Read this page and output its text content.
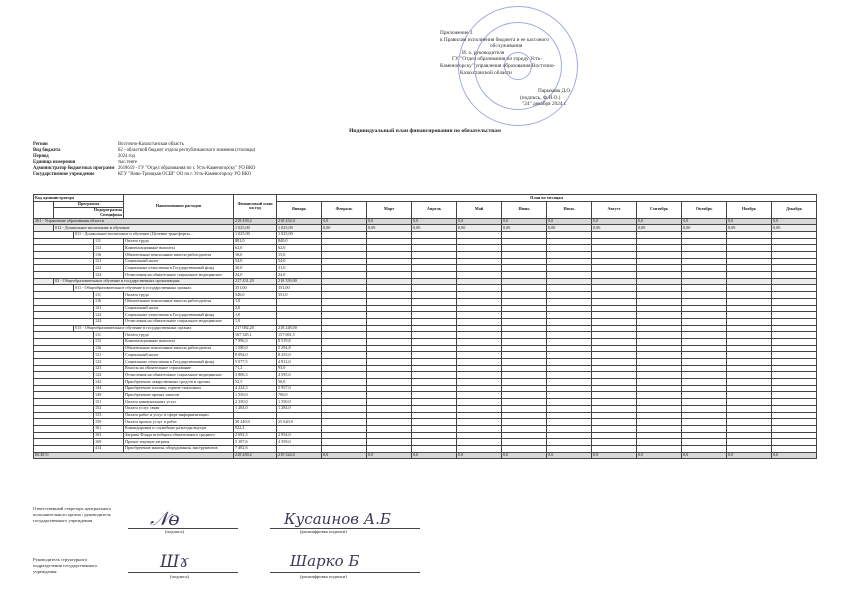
Приложение 3
к Правилам исполнения бюджета и ее кассового
обслуживания
И. о. руководителя
ГУ "Отдел образования по городу Усть-
Каменогорску" управления образования Восточно-
Казахстанской области
Парыкова Д.О.
(подпись, Ф.И.О.)
"24" декабря 2024 г.
Индивидуальный план финансирования по обязательствам
Регион	Восточно-Казахстанская область
Вид бюджета	02 - областной бюджет отдела республиканского значения (столицы)
Период	2024 год
Единица измерения	тыс.тенге
Администратор бюджетных программ 2618619 - ГУ "Отдел образования по г. Усть-Каменогорску" УО ВКО
Государственное учреждение	КГУ "Ново-Троицкая ОСШ" ОО по г. Усть-Каменогорску УО ВКО
Код администратора				Наименование расходов	Финансовый план на год	План по месяцам											
	Программа					Январь	Февраль	Март	Апрель	Май	Июнь	Июль	Август	Сентябрь	Октябрь	Ноябрь	Декабрь
	Подпрограмма
Специфика																
261 - Управление образования области					218 439,2	218 432,0	0,0	0,0	0,0	0,0	0,0	0,0	0,0	0,0	0,0	0,0	0,0
	012 - Дошкольное воспитание и обучение				1 025,00	1 025,00	0,00	0,00	0,00	0,00	0,00	0,00	0,00	0,00	0,00	0,00	0,00
		011 - Дошкольное воспитание и обучение (Целевые трансферты...			1 025,00	1 025,00											
			111	Оплата труда	881,0	840,0											
			113	Компенсационные выплаты	62,0	62,0											
			116	Обязательные пенсионные взносы работодателя	16,0	15,0											
			121	Социальный налог	54,0	54,0											
			122	Социальные отчисления в Государственный фонд	30,0	31,0											
			124	Отчисления на обязательное социальное медицинское	24,0	24,0											
	02 - Общеобразовательное обучение в государственных организациях				217 431,20	218 339,00											
		011 - Общеобразовательное обучение в государственных органах			351,00	351,00											
			111	Оплата труда	346,0	351,0											
			116	Обязательные пенсионные взносы работодателя	1,0												
			121	Социальный налог	2,0												
			122	Социальные отчисления в Государственный фонд	1,0												
			124	Отчисления на обязательное социальное медицинское	1,0												
		015 - Общеобразовательное обучение в государственных органах			217 082,20	218 248,00											
			111	Оплата труда	167 345,1	157 061,5											
			113	Компенсационные выплаты	7 996,3	8 519,8											
			116	Обязательные пенсионные взносы работодателя	1 580,0	5 294,8											
			121	Социальный налог	8 094,0	8 255,0											
			122	Социальные отчисления в Государственный фонд	5 077,5	4 812,0											
			123	Взносы на обязательное страхование	71,2	93,0											
			124	Отчисления на обязательное социальное медицинское	3 806,3	4 595,0											
			142	Приобретение лекарственных средств и прочих	52,5	50,0											
			144	Приобретение топлива, горюче-смазочных	4 224,5	5 957,0											
			149	Приобретение прочих запасов	1 550,0	700,0											
			151	Оплата коммунальных услуг	2 350,0	1 350,0											
			152	Оплата услуг связи	1 284,0	1 284,0											
			153	Оплата работ и услуг в сфере информатизации													
			159	Оплата прочих услуг и работ	30 240,0	25 620,0											
			161	Командировки и служебные разъезды внутри	922,4												
			163	Затраты Фонда всеобщего обязательного среднего	2 692,3	2 954,0											
			169	Прочие текущие затраты	5 187,6	4 359,0											
			414	Приобретение машин, оборудования, инструментов	7 482,6												
ВСЕГО					218 439,2	219 324,0	0,0	0,0	0,0	0,0	0,0	0,0	0,0	0,0	0,0	0,0	0,0
Ответственный секретарь центрального
исполнительного органа / руководитель
государственного учреждения	𝒩ɵ
(подпись)
Кусаинов А.Б
(расшифровка подписи)
Руководитель структурного
подразделения государственного
учреждения	Шɤ
(подпись)
Шарко Б
(расшифровка подписи)
